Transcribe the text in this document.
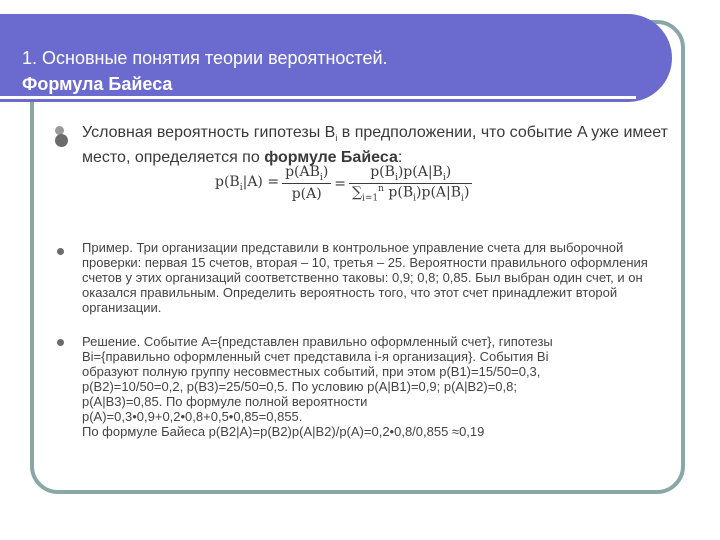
1. Основные понятия теории вероятностей.
Формула Байеса
Условная вероятность гипотезы $B_i$ в предположении, что событие A уже имеет место, определяется по формуле Байеса:
$p(B_i|A)$ =	$p(AB_i)$	=	$p(B_i)p(A|B_i)$
	p(A)		$\sum_{i=1}^n$ $p(B_i)p(A|B_i)$
Пример. Три организации представили в контрольное управление счета для выборочной проверки: первая 15 счетов, вторая – 10, третья – 25. Вероятности правильного оформления счетов у этих организаций соответственно таковы: 0,9; 0,8; 0,85. Был выбран один счет, и он оказался правильным. Определить вероятность того, что этот счет принадлежит второй организации.
Решение. Событие А={представлен правильно оформленный счет}, гипотезы
Bi={правильно оформленный счет представила i-я организация}. События Bi
образуют полную группу несовместных событий, при этом p(B1)=15/50=0,3,
p(B2)=10/50=0,2, p(B3)=25/50=0,5. По условию p(A|B1)=0,9; p(A|B2)=0,8;
p(A|B3)=0,85. По формуле полной вероятности
p(A)=0,3•0,9+0,2•0,8+0,5•0,85=0,855.
По формуле Байеса p(B2|A)=p(B2)p(A|B2)/p(A)=0,2•0,8/0,855 ≈0,19
